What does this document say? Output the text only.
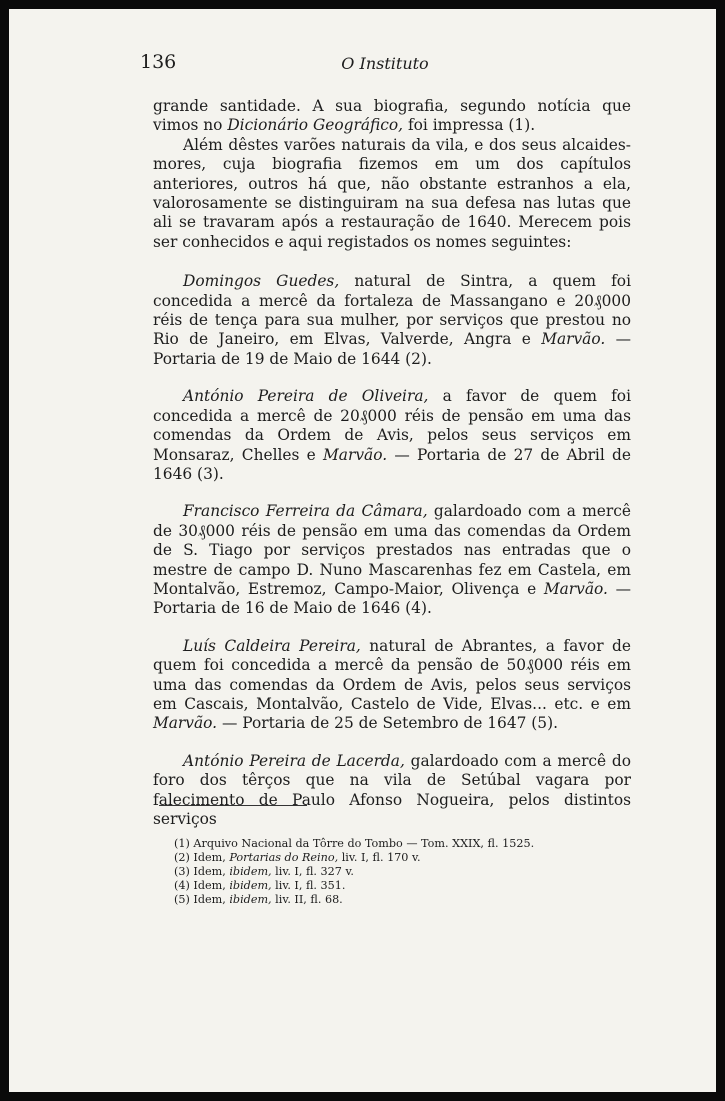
136	O Instituto

grande santidade. A sua biografia, segundo notícia que vimos no Dicionário Geográfico, foi impressa (1).

Além dêstes varões naturais da vila, e dos seus alcaides-mores, cuja biografia fizemos em um dos capítulos anteriores, outros há que, não obstante estranhos a ela, valorosamente se distinguiram na sua defesa nas lutas que ali se travaram após a restauração de 1640. Merecem pois ser conhecidos e aqui registados os nomes seguintes:

Domingos Guedes, natural de Sintra, a quem foi concedida a mercê da fortaleza de Massangano e 20₰000 réis de tença para sua mulher, por serviços que prestou no Rio de Janeiro, em Elvas, Valverde, Angra e Marvão. — Portaria de 19 de Maio de 1644 (2).

António Pereira de Oliveira, a favor de quem foi concedida a mercê de 20₰000 réis de pensão em uma das comendas da Ordem de Avis, pelos seus serviços em Monsaraz, Chelles e Marvão. — Portaria de 27 de Abril de 1646 (3).

Francisco Ferreira da Câmara, galardoado com a mercê de 30₰000 réis de pensão em uma das comendas da Ordem de S. Tiago por serviços prestados nas entradas que o mestre de campo D. Nuno Mascarenhas fez em Castela, em Montalvão, Estremoz, Campo-Maior, Olivença e Marvão. — Portaria de 16 de Maio de 1646 (4).

Luís Caldeira Pereira, natural de Abrantes, a favor de quem foi concedida a mercê da pensão de 50₰000 réis em uma das comendas da Ordem de Avis, pelos seus serviços em Cascais, Montalvão, Castelo de Vide, Elvas... etc. e em Marvão. — Portaria de 25 de Setembro de 1647 (5).

António Pereira de Lacerda, galardoado com a mercê do foro dos têrços que na vila de Setúbal vagara por falecimento de Paulo Afonso Nogueira, pelos distintos serviços

(1) Arquivo Nacional da Tôrre do Tombo — Tom. XXIX, fl. 1525.
(2) Idem, Portarias do Reino, liv. I, fl. 170 v.
(3) Idem, ibidem, liv. I, fl. 327 v.
(4) Idem, ibidem, liv. I, fl. 351.
(5) Idem, ibidem, liv. II, fl. 68.
